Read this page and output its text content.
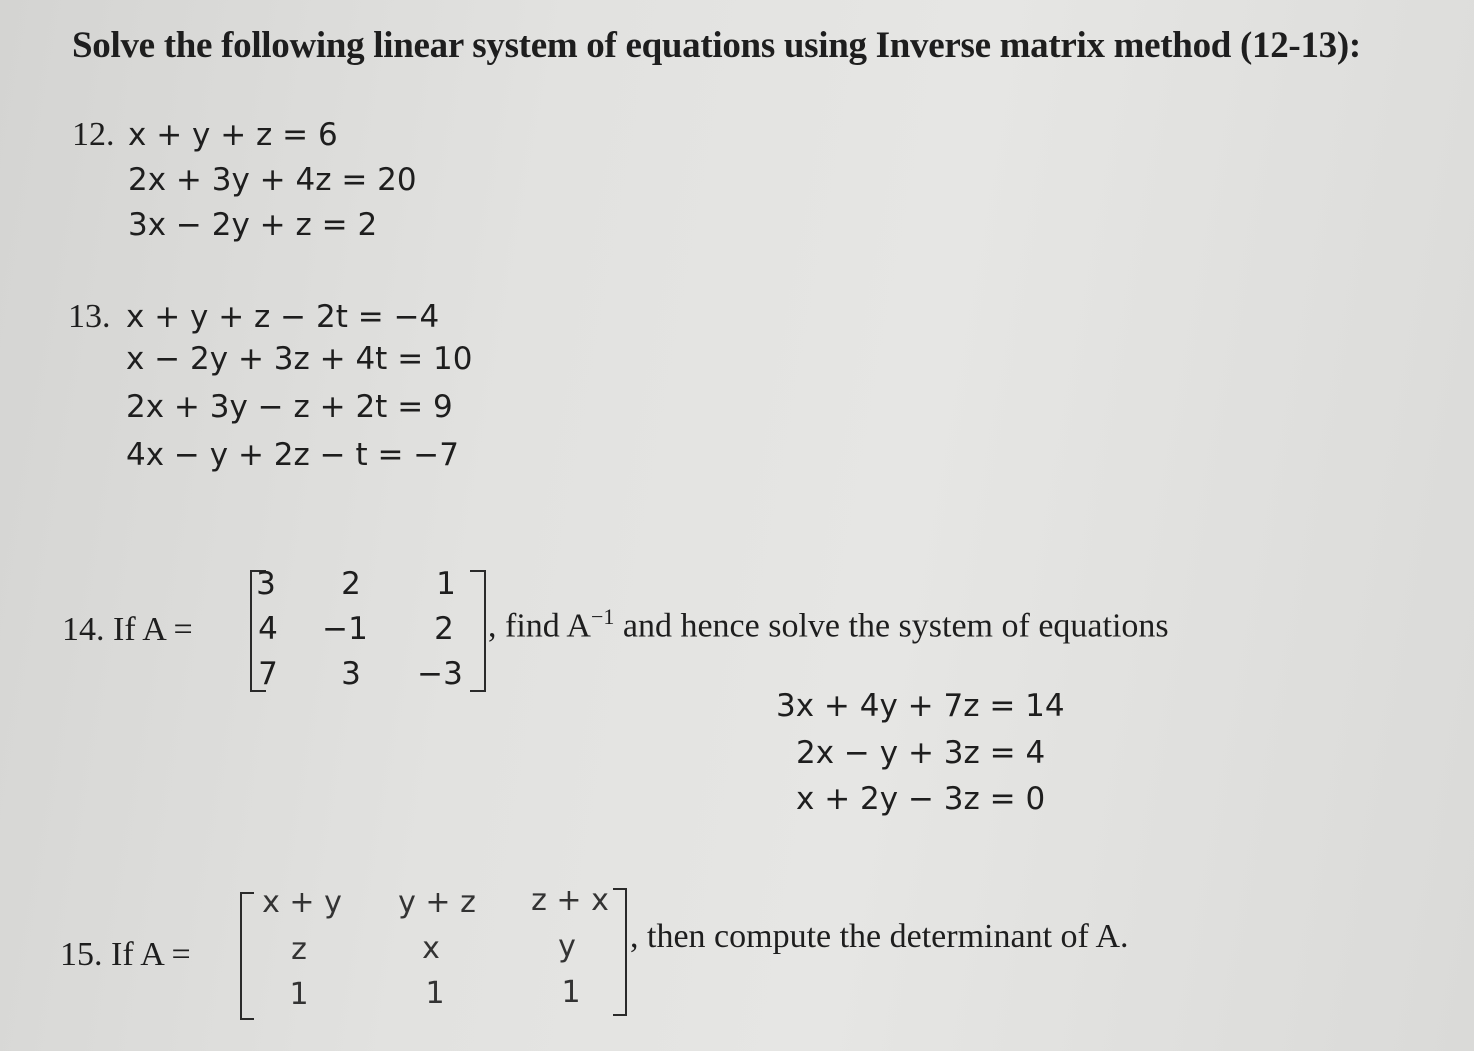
Solve the following linear system of equations using Inverse matrix method (12-13):
12. x + y + z = 6
2x + 3y + 4z = 20
3x − 2y + z = 2
13. x + y + z − 2t = −4
x − 2y + 3z + 4t = 10
2x + 3y − z + 2t = 9
4x − y + 2z − t = −7
14. If A =
3	2	1
4	−1	2
7	3	−3
, find $A^{-1}$ and hence solve the system of equations
3x + 4y + 7z = 14
2x − y + 3z = 4
x + 2y − 3z = 0
15. If A =
x + y	y + z	z + x
z	x	y
1	1	1
, then compute the determinant of A.
